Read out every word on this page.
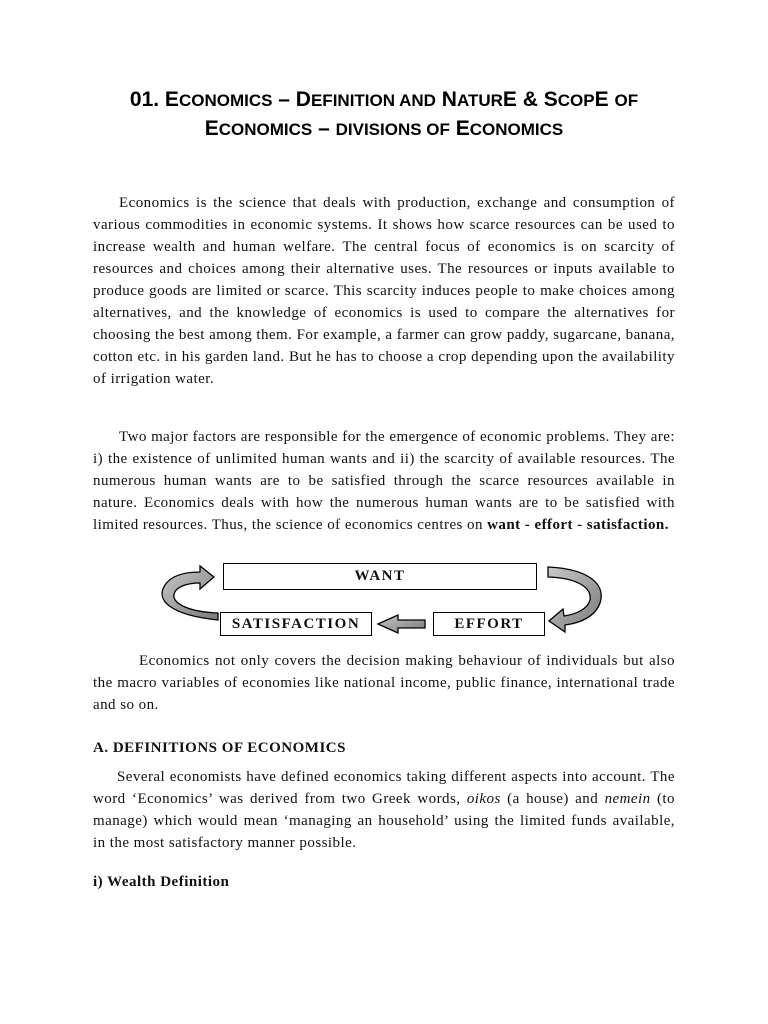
01. ECONOMICS – DEFINITION AND NATURE & SCOPE OF
ECONOMICS – DIVISIONS OF ECONOMICS

Economics is the science that deals with production, exchange and consumption of various commodities in economic systems. It shows how scarce resources can be used to increase wealth and human welfare. The central focus of economics is on scarcity of resources and choices among their alternative uses. The resources or inputs available to produce goods are limited or scarce. This scarcity induces people to make choices among alternatives, and the knowledge of economics is used to compare the alternatives for choosing the best among them. For example, a farmer can grow paddy, sugarcane, banana, cotton etc. in his garden land. But he has to choose a crop depending upon the availability of irrigation water.

Two major factors are responsible for the emergence of economic problems. They are: i) the existence of unlimited human wants and ii) the scarcity of available resources. The numerous human wants are to be satisfied through the scarce resources available in nature. Economics deals with how the numerous human wants are to be satisfied with limited resources. Thus, the science of economics centres on want - effort - satisfaction.

WANT
SATISFACTION	EFFORT

Economics not only covers the decision making behaviour of individuals but also the macro variables of economies like national income, public finance, international trade and so on.

A. DEFINITIONS OF ECONOMICS

Several economists have defined economics taking different aspects into account. The word ‘Economics’ was derived from two Greek words, oikos (a house) and nemein (to manage) which would mean ‘managing an household’ using the limited funds available, in the most satisfactory manner possible.

i) Wealth Definition
